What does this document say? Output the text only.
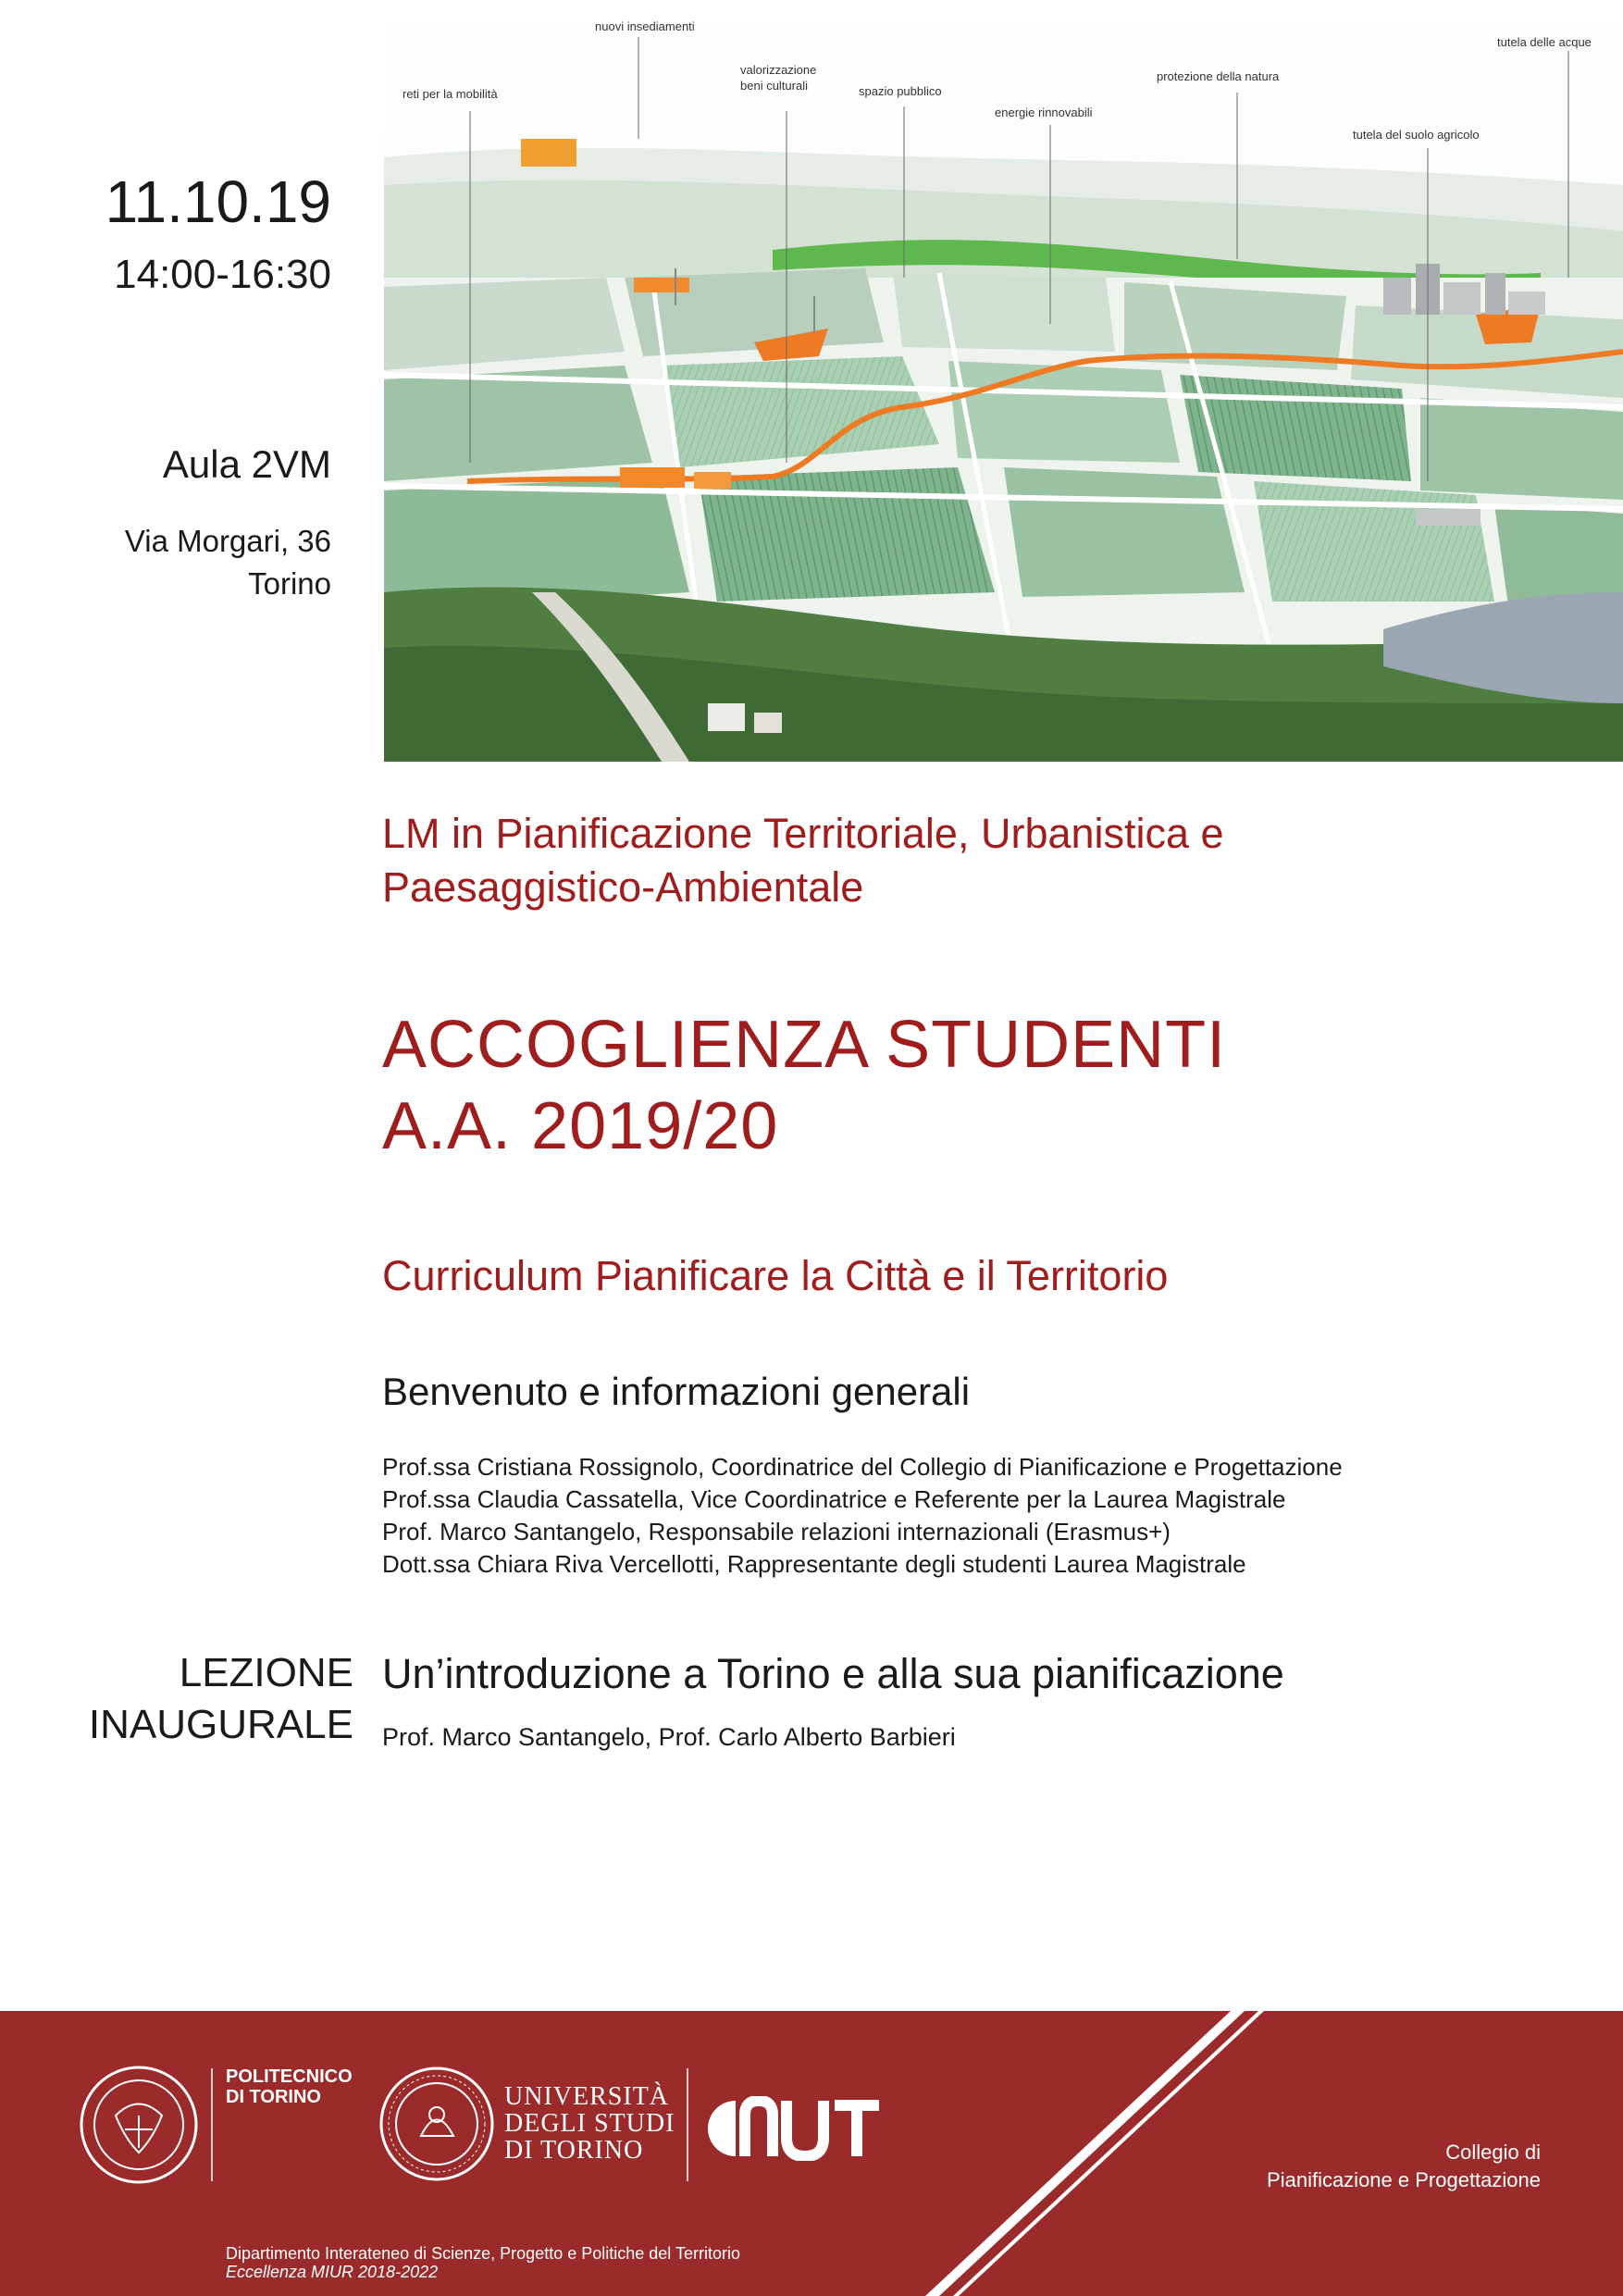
reti per la mobilità
nuovi insediamenti
valorizzazione
beni culturali	spazio pubblico
energie rinnovabili
protezione della natura
tutela del suolo agricolo
tutela delle acque
11.10.19
14:00-16:30
Aula 2VM
Via Morgari, 36
Torino
LM in Pianificazione Territoriale, Urbanistica e
Paesaggistico-Ambientale
ACCOGLIENZA STUDENTI
A.A. 2019/20
Curriculum Pianificare la Città e il Territorio
Benvenuto e informazioni generali
Prof.ssa Cristiana Rossignolo, Coordinatrice del Collegio di Pianificazione e Progettazione
Prof.ssa Claudia Cassatella, Vice Coordinatrice e Referente per la Laurea Magistrale
Prof. Marco Santangelo, Responsabile relazioni internazionali (Erasmus+)
Dott.ssa Chiara Riva Vercellotti, Rappresentante degli studenti Laurea Magistrale
LEZIONE
INAUGURALE
Un’introduzione a Torino e alla sua pianificazione
Prof. Marco Santangelo, Prof. Carlo Alberto Barbieri
POLITECNICO
DI TORINO	UNIVERSITÀ
DEGLI STUDI
DI TORINO
Dipartimento Interateneo di Scienze, Progetto e Politiche del Territorio
Eccellenza MIUR 2018-2022
Collegio di
Pianificazione e Progettazione
